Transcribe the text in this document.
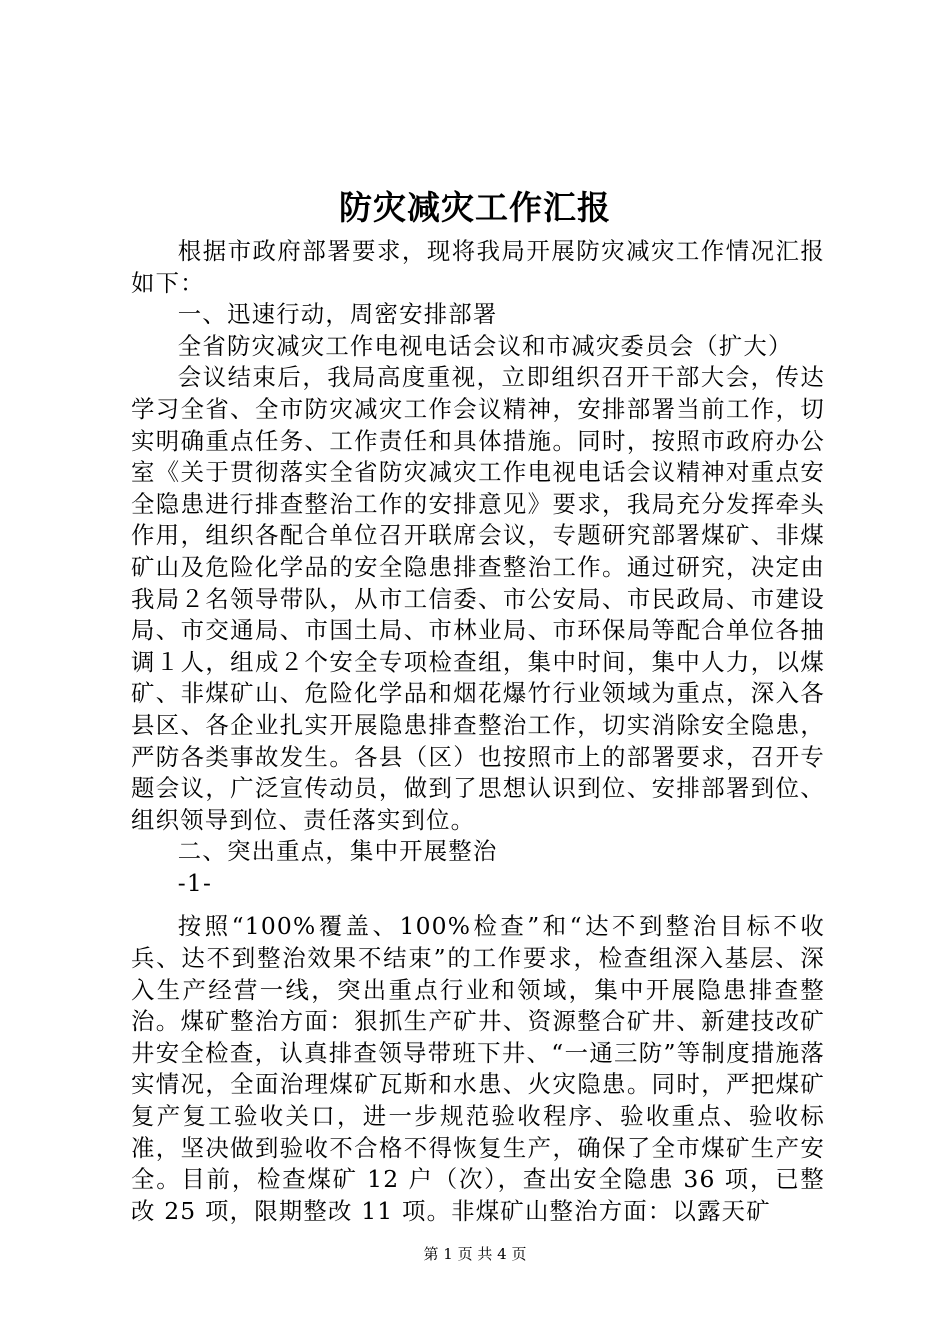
防灾减灾工作汇报

根据市政府部署要求，现将我局开展防灾减灾工作情况汇报如下：

一、迅速行动，周密安排部署

全省防灾减灾工作电视电话会议和市减灾委员会（扩大）

会议结束后，我局高度重视，立即组织召开干部大会，传达学习全省、全市防灾减灾工作会议精神，安排部署当前工作，切实明确重点任务、工作责任和具体措施。同时，按照市政府办公室《关于贯彻落实全省防灾减灾工作电视电话会议精神对重点安全隐患进行排查整治工作的安排意见》要求，我局充分发挥牵头作用，组织各配合单位召开联席会议，专题研究部署煤矿、非煤矿山及危险化学品的安全隐患排查整治工作。通过研究，决定由我局２名领导带队，从市工信委、市公安局、市民政局、市建设局、市交通局、市国土局、市林业局、市环保局等配合单位各抽调１人，组成２个安全专项检查组，集中时间，集中人力，以煤矿、非煤矿山、危险化学品和烟花爆竹行业领域为重点，深入各县区、各企业扎实开展隐患排查整治工作，切实消除安全隐患，严防各类事故发生。各县（区）也按照市上的部署要求，召开专题会议，广泛宣传动员，做到了思想认识到位、安排部署到位、组织领导到位、责任落实到位。

二、突出重点，集中开展整治

-1-

按照“100%覆盖、100%检查”和“达不到整治目标不收兵、达不到整治效果不结束”的工作要求，检查组深入基层、深入生产经营一线，突出重点行业和领域，集中开展隐患排查整治。煤矿整治方面：狠抓生产矿井、资源整合矿井、新建技改矿井安全检查，认真排查领导带班下井、“一通三防”等制度措施落实情况，全面治理煤矿瓦斯和水患、火灾隐患。同时，严把煤矿复产复工验收关口，进一步规范验收程序、验收重点、验收标准，坚决做到验收不合格不得恢复生产，确保了全市煤矿生产安全。目前，检查煤矿 12 户（次），查出安全隐患 36 项，已整改 25 项，限期整改 11 项。非煤矿山整治方面：以露天矿

第 1 页 共 4 页
